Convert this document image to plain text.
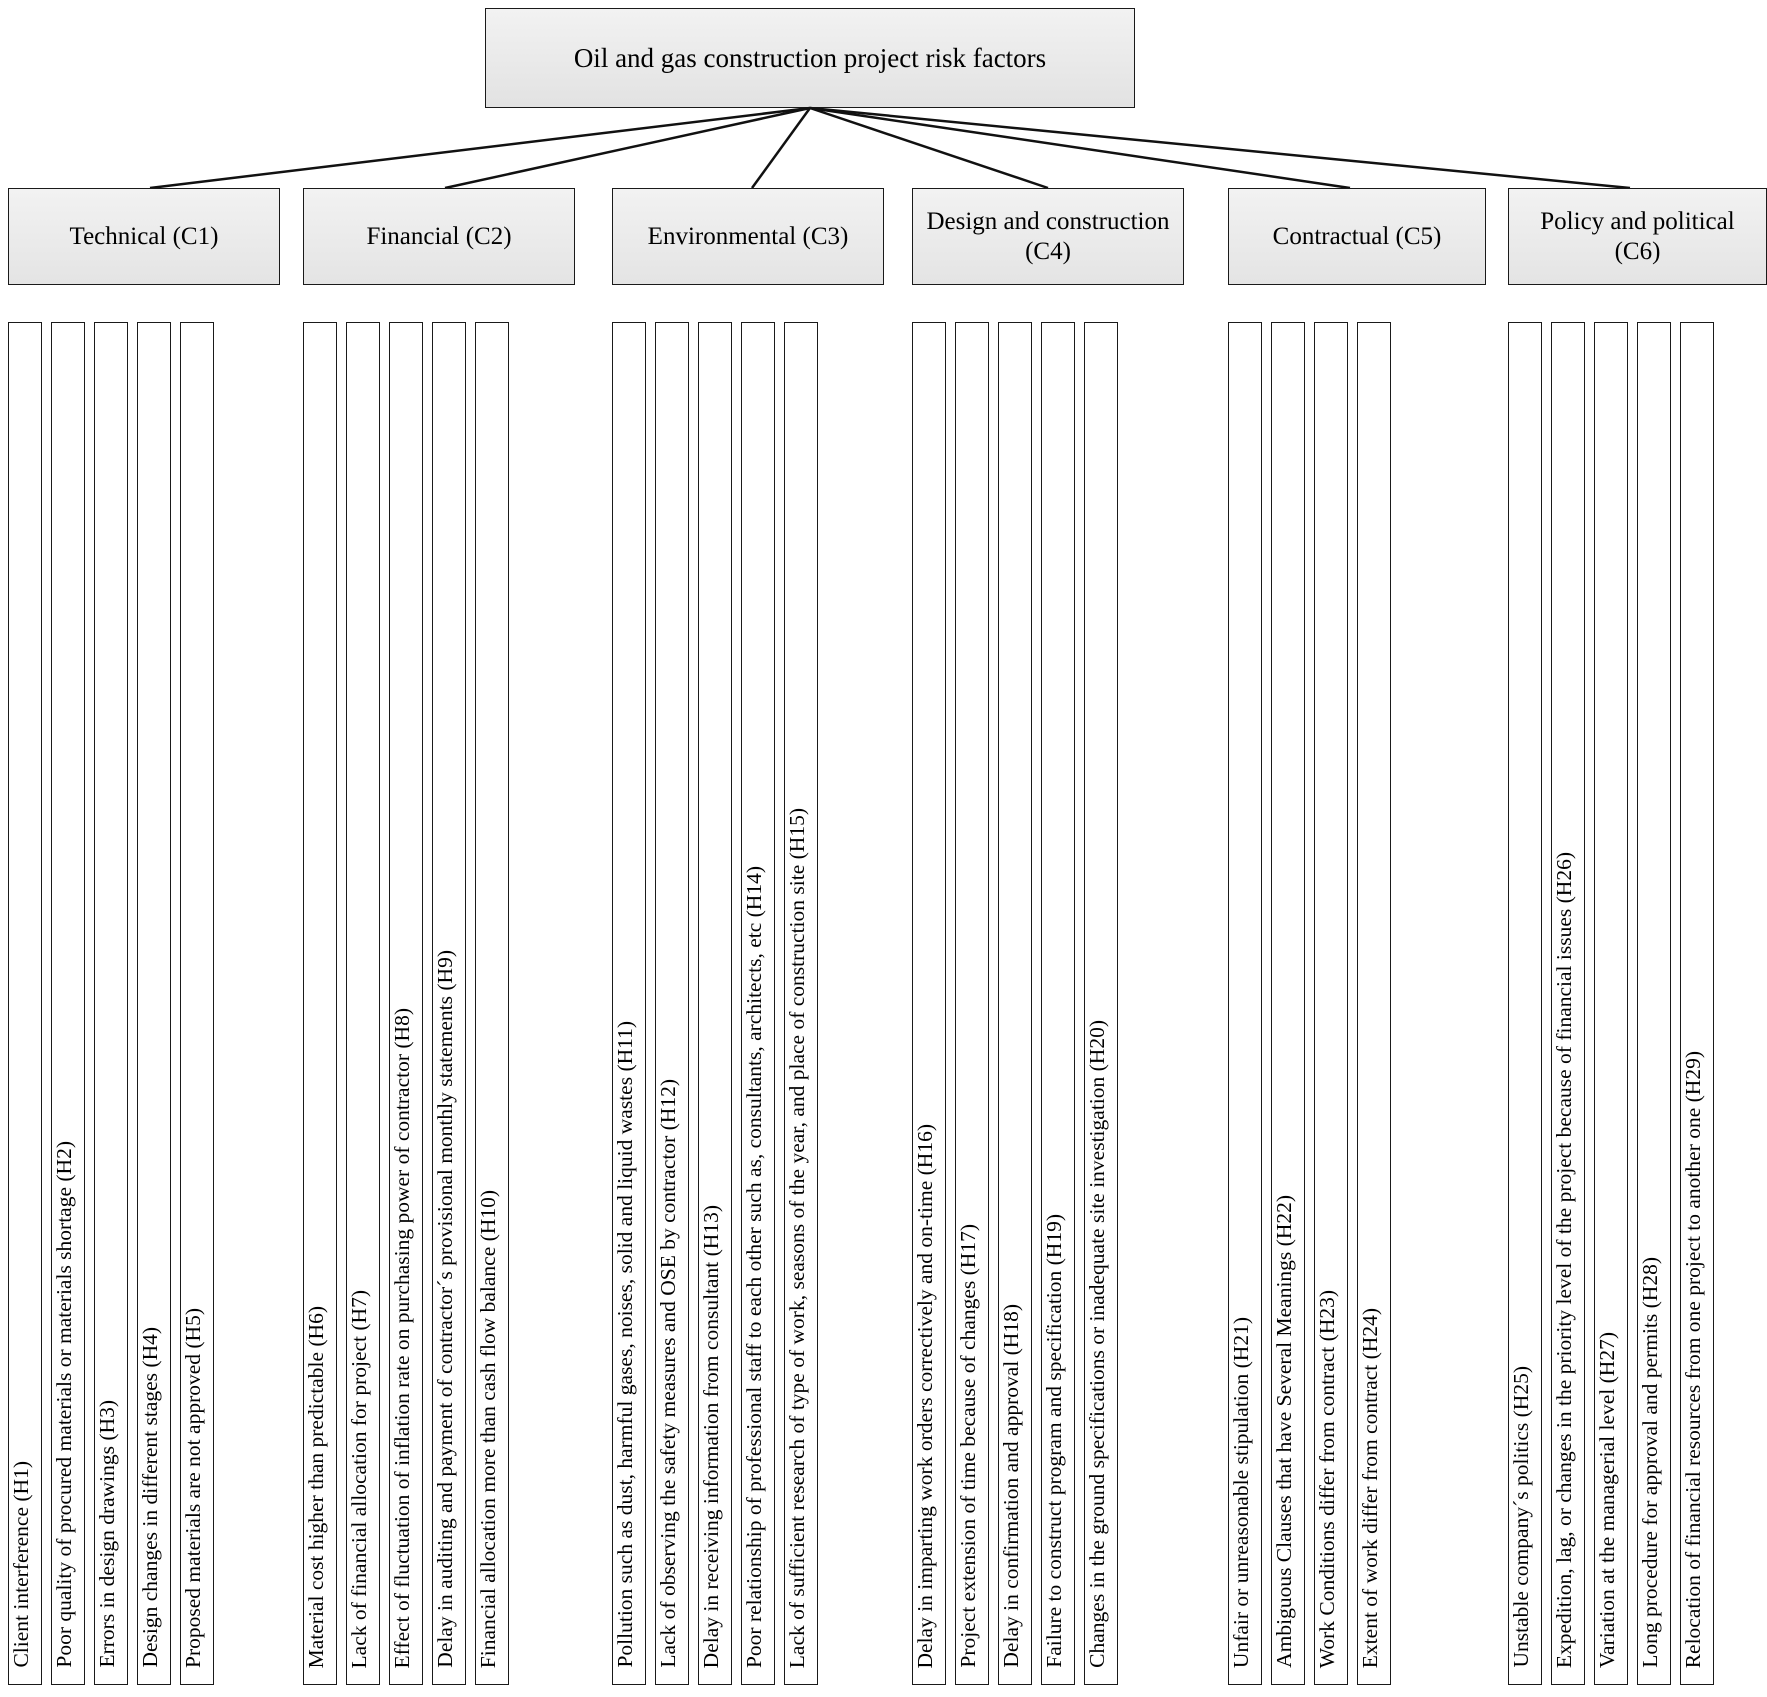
Oil and gas construction project risk factors
Technical (C1)	Financial (C2)	Environmental (C3)
Design and construction (C4)
Contractual (C5)
Policy and political (C6)
Client interference (H1) Poor quality of procured materials or materials shortage (H2) Errors in design drawings (H3) Design changes in different stages (H4) Proposed materials are not approved (H5)	Material cost higher than predictable (H6) Lack of financial allocation for project (H7) Effect of fluctuation of inflation rate on purchasing power of contractor (H8) Delay in auditing and payment of contractor´s provisional monthly statements (H9) Financial allocation more than cash flow balance (H10)	Pollution such as dust, harmful gases, noises, solid and liquid wastes (H11) Lack of observing the safety measures and OSE by contractor (H12) Delay in receiving information from consultant (H13) Poor relationship of professional staff to each other such as, consultants, architects, etc (H14) Lack of sufficient research of type of work, seasons of the year, and place of construction site (H15)	Delay in imparting work orders correctively and on-time (H16) Project extension of time because of changes (H17) Delay in confirmation and approval (H18) Failure to construct program and specification (H19) Changes in the ground specifications or inadequate site investigation (H20)	Unfair or unreasonable stipulation (H21) Ambiguous Clauses that have Several Meanings (H22) Work Conditions differ from contract (H23) Extent of work differ from contract (H24)	Unstable company´s politics (H25) Expedition, lag, or changes in the priority level of the project because of financial issues (H26) Variation at the managerial level (H27) Long procedure for approval and permits (H28) Relocation of financial resources from one project to another one (H29)
